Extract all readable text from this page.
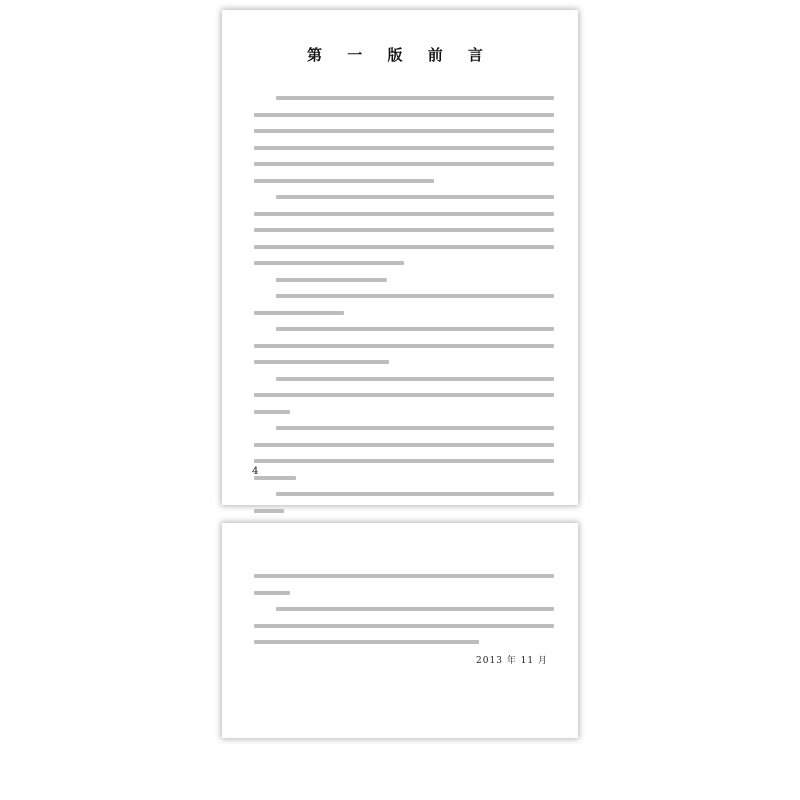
第 一 版 前 言
4
2013 年 11 月
